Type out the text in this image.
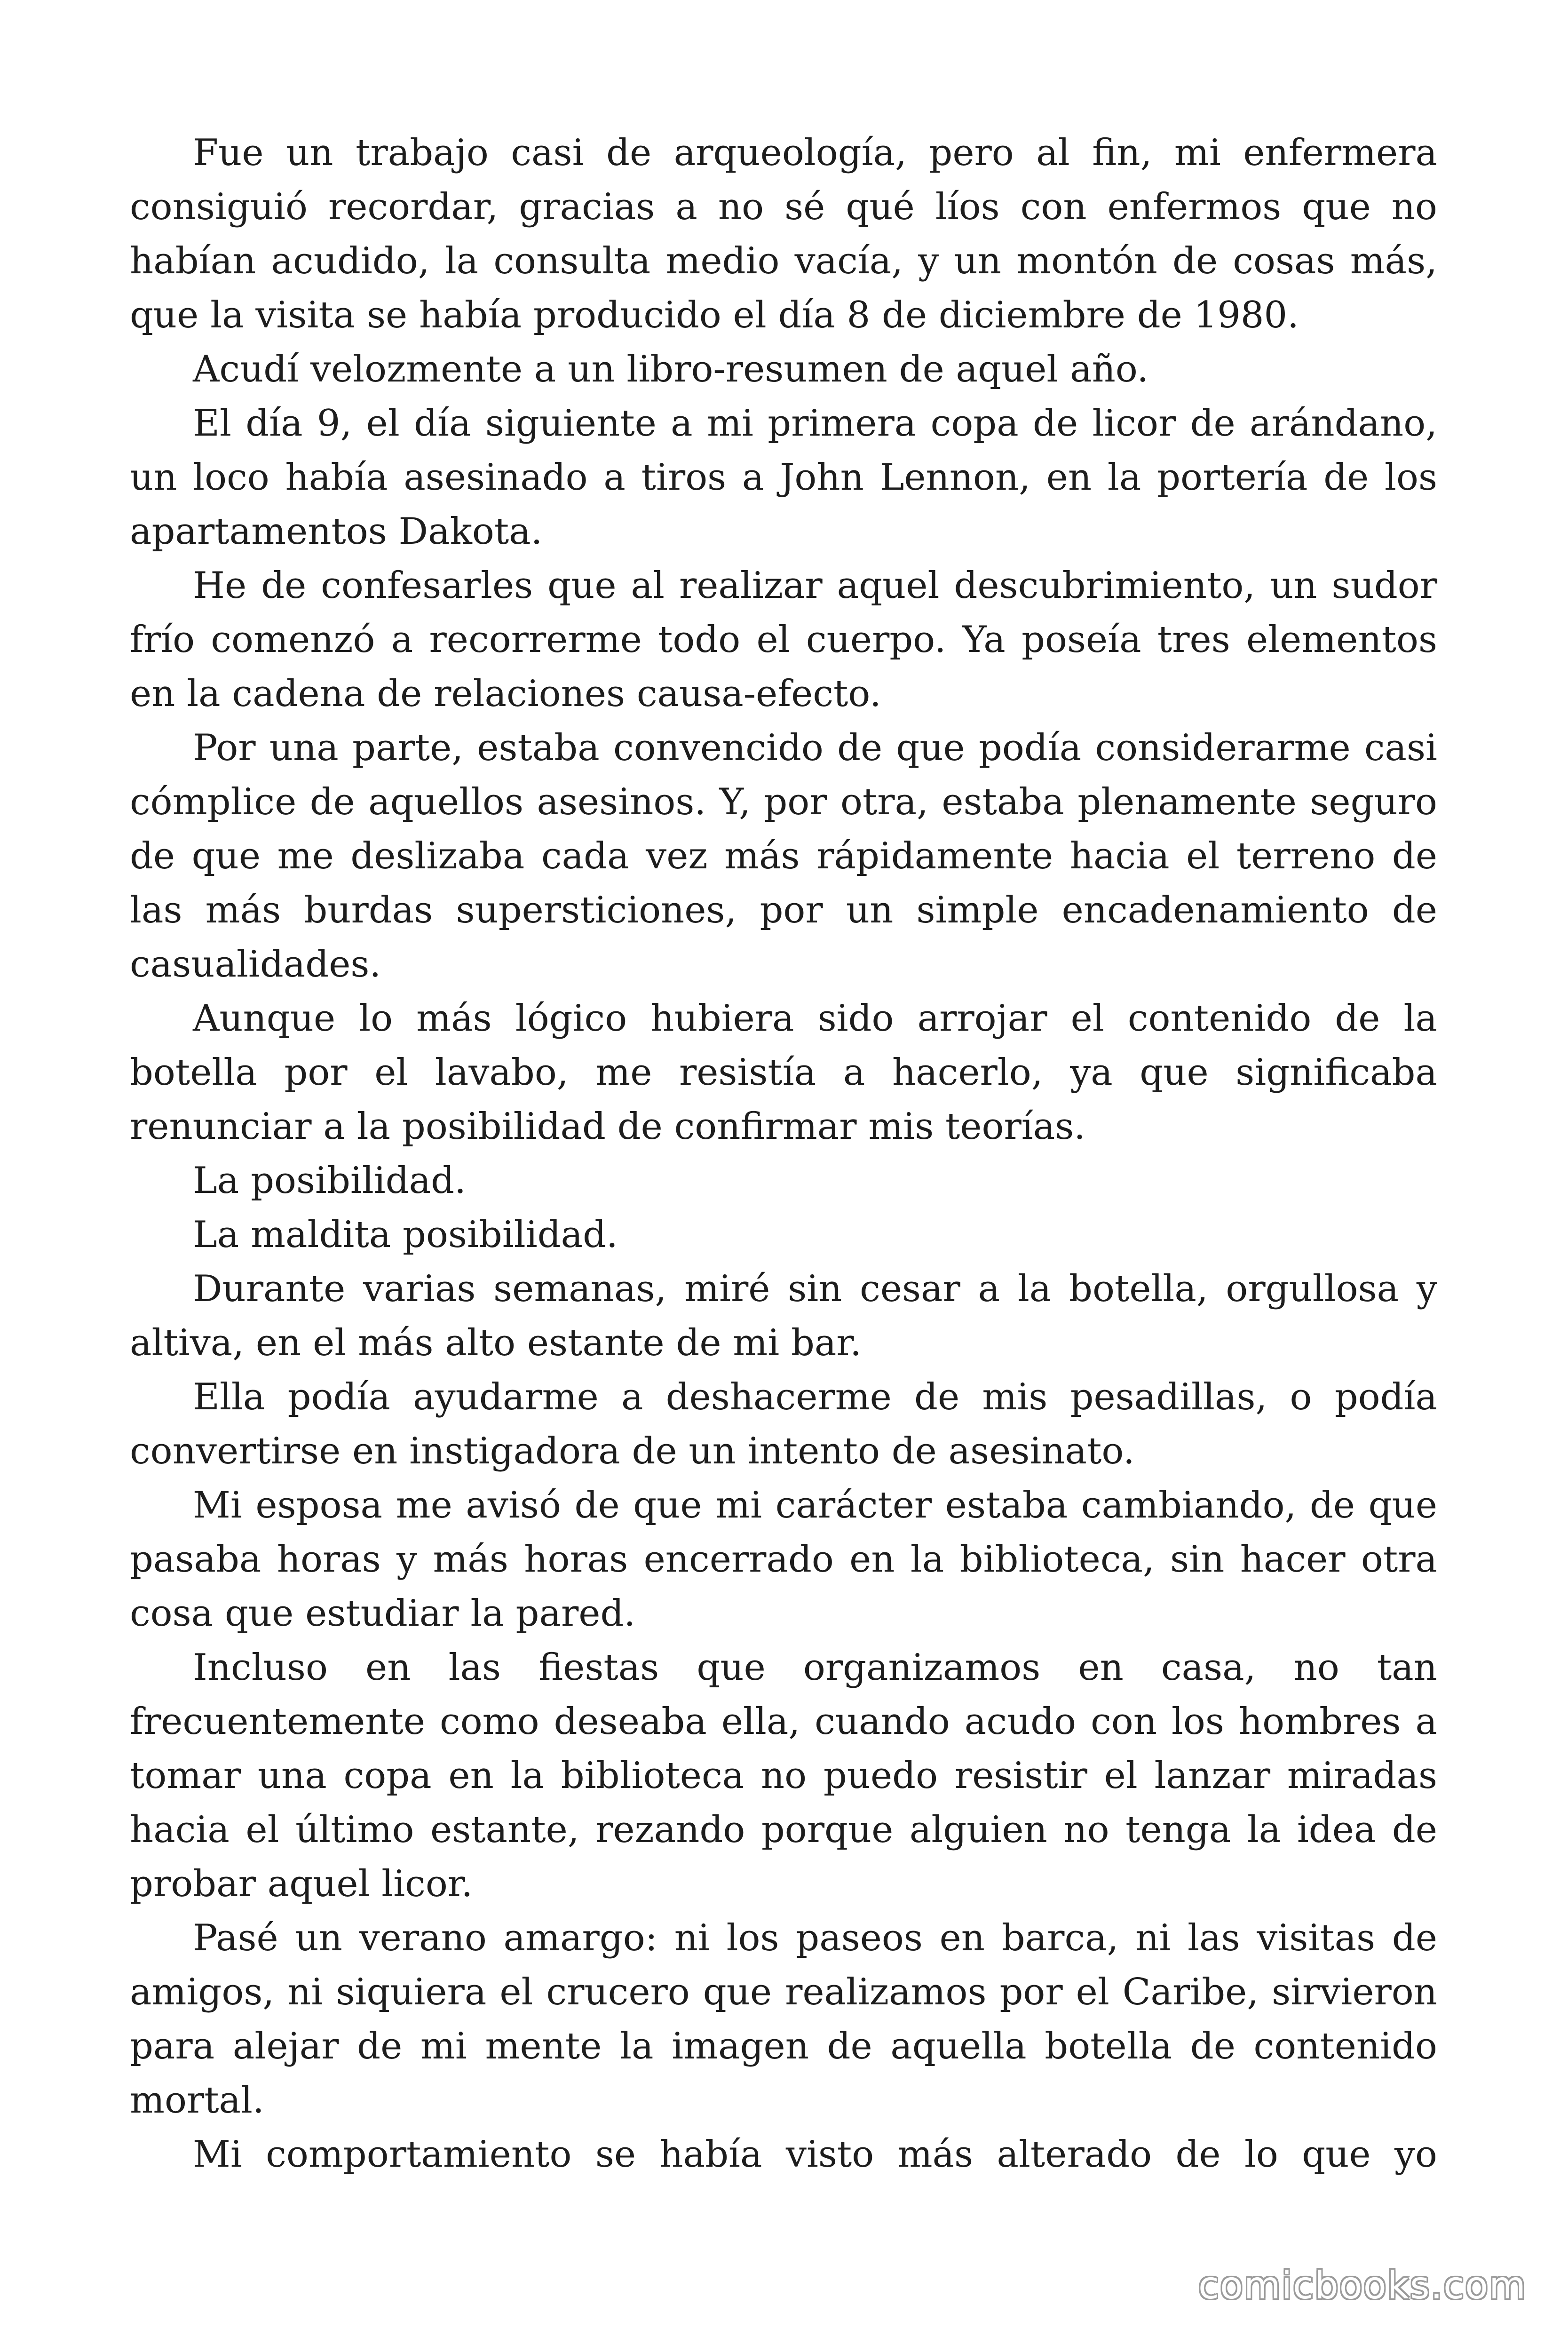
Fue un trabajo casi de arqueología, pero al fin, mi enfermera consiguió recordar, gracias a no sé qué líos con enfermos que no habían acudido, la consulta medio vacía, y un montón de cosas más, que la visita se había producido el día 8 de diciembre de 1980.

Acudí velozmente a un libro-resumen de aquel año.

El día 9, el día siguiente a mi primera copa de licor de arándano, un loco había asesinado a tiros a John Lennon, en la portería de los apartamentos Dakota.

He de confesarles que al realizar aquel descubrimiento, un sudor frío comenzó a recorrerme todo el cuerpo. Ya poseía tres elementos en la cadena de relaciones causa-efecto.

Por una parte, estaba convencido de que podía considerarme casi cómplice de aquellos asesinos. Y, por otra, estaba plenamente seguro de que me deslizaba cada vez más rápidamente hacia el terreno de las más burdas supersticiones, por un simple encadenamiento de casualidades.

Aunque lo más lógico hubiera sido arrojar el contenido de la botella por el lavabo, me resistía a hacerlo, ya que significaba renunciar a la posibilidad de confirmar mis teorías.

La posibilidad.

La maldita posibilidad.

Durante varias semanas, miré sin cesar a la botella, orgullosa y altiva, en el más alto estante de mi bar.

Ella podía ayudarme a deshacerme de mis pesadillas, o podía convertirse en instigadora de un intento de asesinato.

Mi esposa me avisó de que mi carácter estaba cambiando, de que pasaba horas y más horas encerrado en la biblioteca, sin hacer otra cosa que estudiar la pared.

Incluso en las fiestas que organizamos en casa, no tan frecuentemente como deseaba ella, cuando acudo con los hombres a tomar una copa en la biblioteca no puedo resistir el lanzar miradas hacia el último estante, rezando porque alguien no tenga la idea de probar aquel licor.

Pasé un verano amargo: ni los paseos en barca, ni las visitas de amigos, ni siquiera el crucero que realizamos por el Caribe, sirvieron para alejar de mi mente la imagen de aquella botella de contenido mortal.

Mi comportamiento se había visto más alterado de lo que yo

comicbooks.com
